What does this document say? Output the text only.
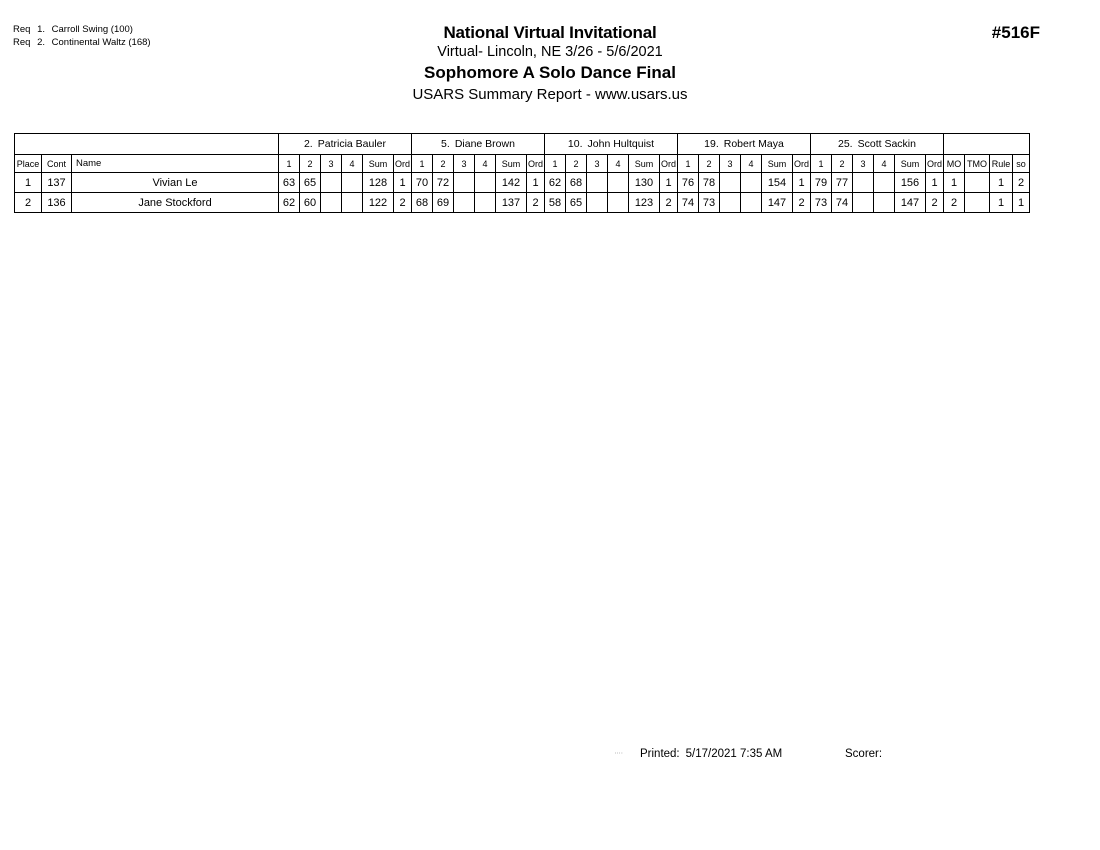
Req 1. Carroll Swing (100)
Req 2. Continental Waltz (168)	National Virtual Invitational
Virtual- Lincoln, NE 3/26 - 5/6/2021
Sophomore A Solo Dance Final
USARS Summary Report - www.usars.us
#516F
			2. Patricia Bauler						5. Diane Brown						10. John Hultquist						19. Robert Maya						25. Scott Sackin									
Place	Cont	Name	1	2	3	4	Sum	Ord	1	2	3	4	Sum	Ord	1	2	3	4	Sum	Ord	1	2	3	4	Sum	Ord	1	2	3	4	Sum	Ord	MO	TMO	Rule	so
1	137	Vivian Le	63	65			128	1	70	72			142	1	62	68			130	1	76	78			154	1	79	77			156	1	1		1	2
2	136	Jane Stockford	62	60			122	2	68	69			137	2	58	65			123	2	74	73			147	2	73	74			147	2	2		1	1
:::: Printed: 5/17/2021 7:35 AM	Scorer:
